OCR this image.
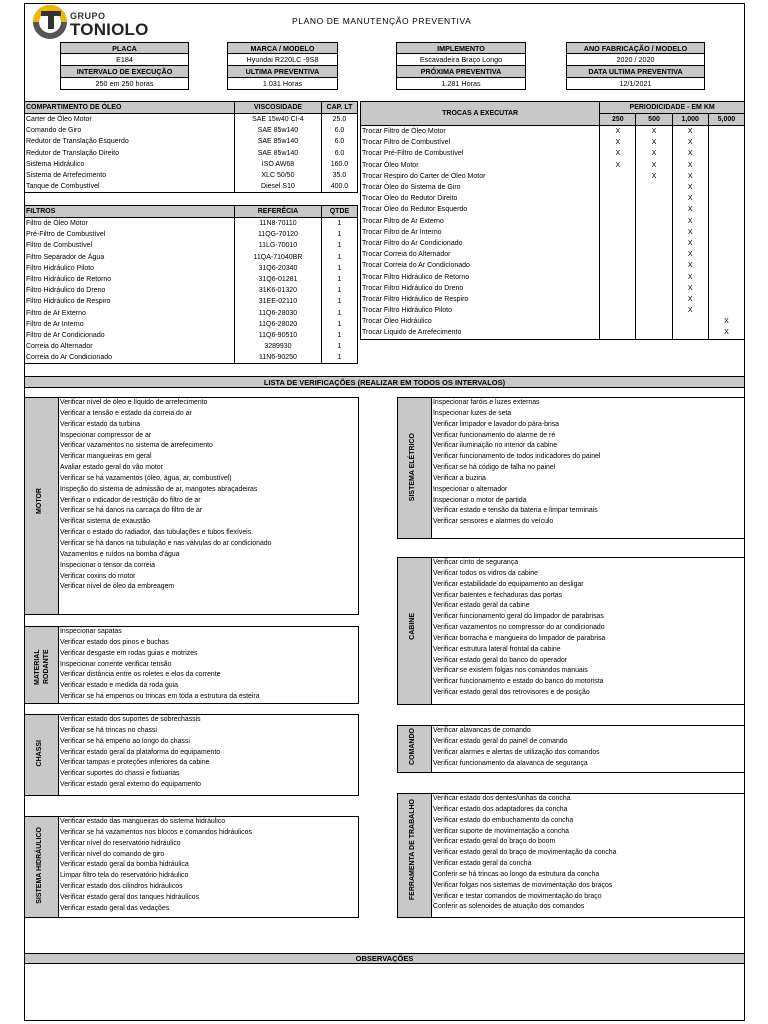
GRUPO
TONIOLO	PLANO DE MANUTENÇÃO PREVENTIVA
PLACA
E184
INTERVALO DE EXECUÇÃO
250 em 250 horas
MARCA / MODELO
Hyundai R220LC -9S8
ULTIMA PREVENTIVA
1.031 Horas
IMPLEMENTO
Escavadeira Braço Longo
PRÓXIMA PREVENTIVA
1.281 Horas
ANO FABRICAÇÃO / MODELO
2020 / 2020
DATA ULTIMA PREVENTIVA
12/1/2021
COMPARTIMENTO DE ÓLEO	VISCOSIDADE	CAP. LT
Carter de Óleo Motor	SAE 15w40 CI-4	25.0
Comando de Giro	SAE 85w140	6.0
Redutor de Translação Esquerdo	SAE 85w140	6.0
Redutor de Translação Direito	SAE 85w140	6.0
Sistema Hidráulico	ISO AW68	160.0
Sistema de Arrefecimento	XLC 50/50	35.0
Tanque de Combustível	Diesel S10	400.0
FILTROS	REFERÊCIA	QTDE
Filtro de Óleo Motor	11N8-70110	1
Pré-Filtro de Combustível	11QG-70120	1
Filtro de Combustível	11LG-70010	1
Filtro Separador de Água	11QA-71040BR	1
Filtro Hidráulico Piloto	31Q6-20340	1
Filtro Hidráulico de Retorno	31Q6-01281	1
Filtro Hidráulico do Dreno	31K6-01320	1
Filtro Hidráulico de Respiro	31EE-02110	1
Filtro de Ar Externo	11Q6-28030	1
Filtro de Ar Interno	11Q6-28020	1
Filtro de Ar Condicionado	11Q6-90510	1
Correia do Alternador	3289930	1
Correia do Ar Condicionado	11N6-90250	1
TROCAS A EXECUTAR	PERIODICIDADE - EM KM			
	250	500	1,000	5,000
Trocar Filtro de Óleo Motor	X	X	X	
Trocar Filtro de Combustível	X	X	X	
Trocar Pré-Filtro de Combustível	X	X	X	
Trocar Óleo Motor	X	X	X	
Trocar Respiro do Carter de Óleo Motor		X	X	
Trocar Óleo do Sistema de Giro			X	
Trocar Óleo do Redutor Direito			X	
Trocar Óleo do Redutor Esquerdo			X	
Trocar Filtro de Ar Externo			X	
Trocar Filtro de Ar Interno			X	
Trocar Filtro do Ar Condicionado			X	
Trocar Correia do Alternador			X	
Trocar Correia do Ar Condicionado			X	
Trocar Filtro Hidráulico de Retorno			X	
Trocar Filtro Hidráulico do Dreno			X	
Trocar Filtro Hidráulico de Respiro			X	
Trocar Filtro Hidráulico Piloto			X	
Trocar Óleo Hidráulico				X
Trocar Liquido de Arrefecimento				X
LISTA DE VERIFICAÇÕES (REALIZAR EM TODOS OS INTERVALOS)
MOTOR
Verificar nível de óleo e líquido de arrefecimento
Verificar a tensão e estado da correia do ar
Verificar estado da turbina
Inspecionar compressor de ar
Verificar vazamentos no sistema de arrefecimento
Verificar mangueiras em geral
Avaliar estado geral do vão motor
Verificar se há vazamentos (óleo, água, ar, combustível)
Inspeção do sistema de admissão de ar, mangotes abraçadeiras
Verificar o indicador de restrição do filtro de ar
Verificar se há danos na carcaça do filtro de ar
Verificar sistema de exaustão
Verificar o estado do radiador, das tubulações e tubos flexíveis.
Verificar se há danos na tubulação e nas válvulas do ar condicionado
Vazamentos e ruídos na bomba d'água
Inspecionar o tensor da correia
Verificar coxins do motor
Verificar nível de óleo da embreagem
MATERIAL RODANTE
Inspecionar sapatas
Verificar estado dos pinos e buchas
Verificar desgaste em rodas guias e motrizes
Inspecionar corrente verificar tensão
Verificar distância entre os roletes e elos da corrente
Verificar estado e medida da roda guia
Verificar se há empenos ou trincas em toda a estrutura da esteira
CHASSI
Verificar estado dos suportes de sobrechassis
Verificar se há trincas no chassi
Verificar se há empeno ao longo do chassi
Verificar estado geral da plataforma do equipamento
Verificar tampas e proteções inferiores da cabine
Verificar suportes do chassi e fixtuarias
Verificar estado geral externo do equipamento
SISTEMA HIDRÁULICO
Verificar estado das mangueiras do sistema hidráulico
Verificar se há vazamentos nos blocos e comandos hidráulicos
Verificar nível do reservatório hidráulico
Verificar nível do comando de giro
Verificar estado geral da bomba hidráulica
Limpar filtro tela do reservatório hidráulico
Verificar estado dos cilindros hidráulicos
Verificar estado geral dos tanques hidráulicos
Verificar estado geral das vedações
SISTEMA ELÉTRICO
Inspecionar faróis e luzes externas
Inspecionar luzes de seta
Verificar limpador e lavador do pára-brisa
Verificar funcionamento do alarme de ré
Verificar iluminação no interior da cabine
Verificar funcionamento de todos indicadores do painel
Verificar se há código de falha no painel
Verificar a buzina
Inspecionar o alternador
Inspecionar o motor de partida
Verificar estado e tensão da bateria e limpar terminais
Verificar sensores e alarmes do veículo
CABINE
Verificar cinto de segurança
Verificar todos os vidros da cabine
Verificar estabilidade do equipamento ao desligar
Verificar batentes e fechaduras das portas
Verificar estado geral da cabine
Verificar funcionamento geral do limpador de parabrisas
Verificar vazamentos no compressor do ar condicionado
Verificar borracha e mangueira do limpador de parabrisa
Verificar estrutura lateral frontal da cabine
Verificar estado geral do banco do operador
Verificar se existem folgas nos comandos manuais
Verificar funcionamento e estado do banco do motorista
Verificar estado geral dos retrovisores e de posição
COMANDO Verificar alavancas de comando
Verificar estado geral do painel de comando
Verificar alarmes e alertas de utilização dos comandos
Verificar funcionamento da alavanca de segurança
FERRAMENTA DE TRABALHO
Verificar estado dos dentes/unhas da concha
Verificar estado dos adaptadores da concha
Verificar estado do embuchamento da concha
Verificar suporte de movimentação a concha
Verificar estado geral do braço do boom
Verificar estado geral do braço de movimentação da concha
Verificar estado geral da concha
Conferir se há trincas ao longo da estrutura da concha
Verificar folgas nos sistemas de movimentação dos braços
Verificar e testar comandos de movimentação do braço
Conferir as solenoides de atuação dos comandos
OBSERVAÇÕES
